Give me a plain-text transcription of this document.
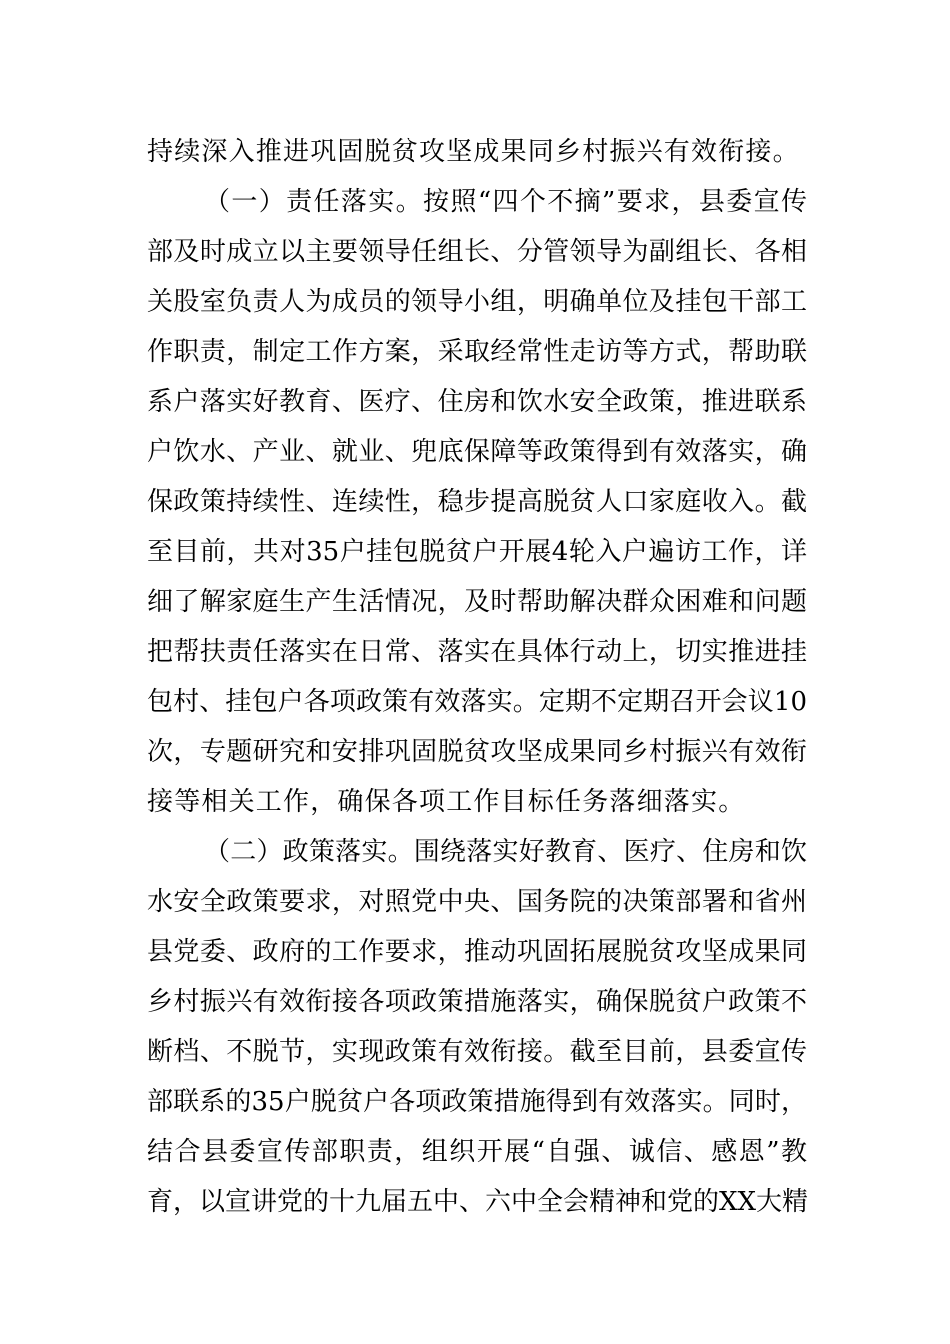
持续深入推进巩固脱贫攻坚成果同乡村振兴有效衔接。
（一）责任落实。按照“四个不摘”要求，县委宣传
部及时成立以主要领导任组长、分管领导为副组长、各相
关股室负责人为成员的领导小组，明确单位及挂包干部工
作职责，制定工作方案，采取经常性走访等方式，帮助联
系户落实好教育、医疗、住房和饮水安全政策，推进联系
户饮水、产业、就业、兜底保障等政策得到有效落实，确
保政策持续性、连续性，稳步提高脱贫人口家庭收入。截
至目前，共对35户挂包脱贫户开展4轮入户遍访工作，详
细了解家庭生产生活情况，及时帮助解决群众困难和问题
把帮扶责任落实在日常、落实在具体行动上，切实推进挂
包村、挂包户各项政策有效落实。定期不定期召开会议10
次，专题研究和安排巩固脱贫攻坚成果同乡村振兴有效衔
接等相关工作，确保各项工作目标任务落细落实。
（二）政策落实。围绕落实好教育、医疗、住房和饮
水安全政策要求，对照党中央、国务院的决策部署和省州
县党委、政府的工作要求，推动巩固拓展脱贫攻坚成果同
乡村振兴有效衔接各项政策措施落实，确保脱贫户政策不
断档、不脱节，实现政策有效衔接。截至目前，县委宣传
部联系的35户脱贫户各项政策措施得到有效落实。同时，
结合县委宣传部职责，组织开展“自强、诚信、感恩”教
育，以宣讲党的十九届五中、六中全会精神和党的XX大精
